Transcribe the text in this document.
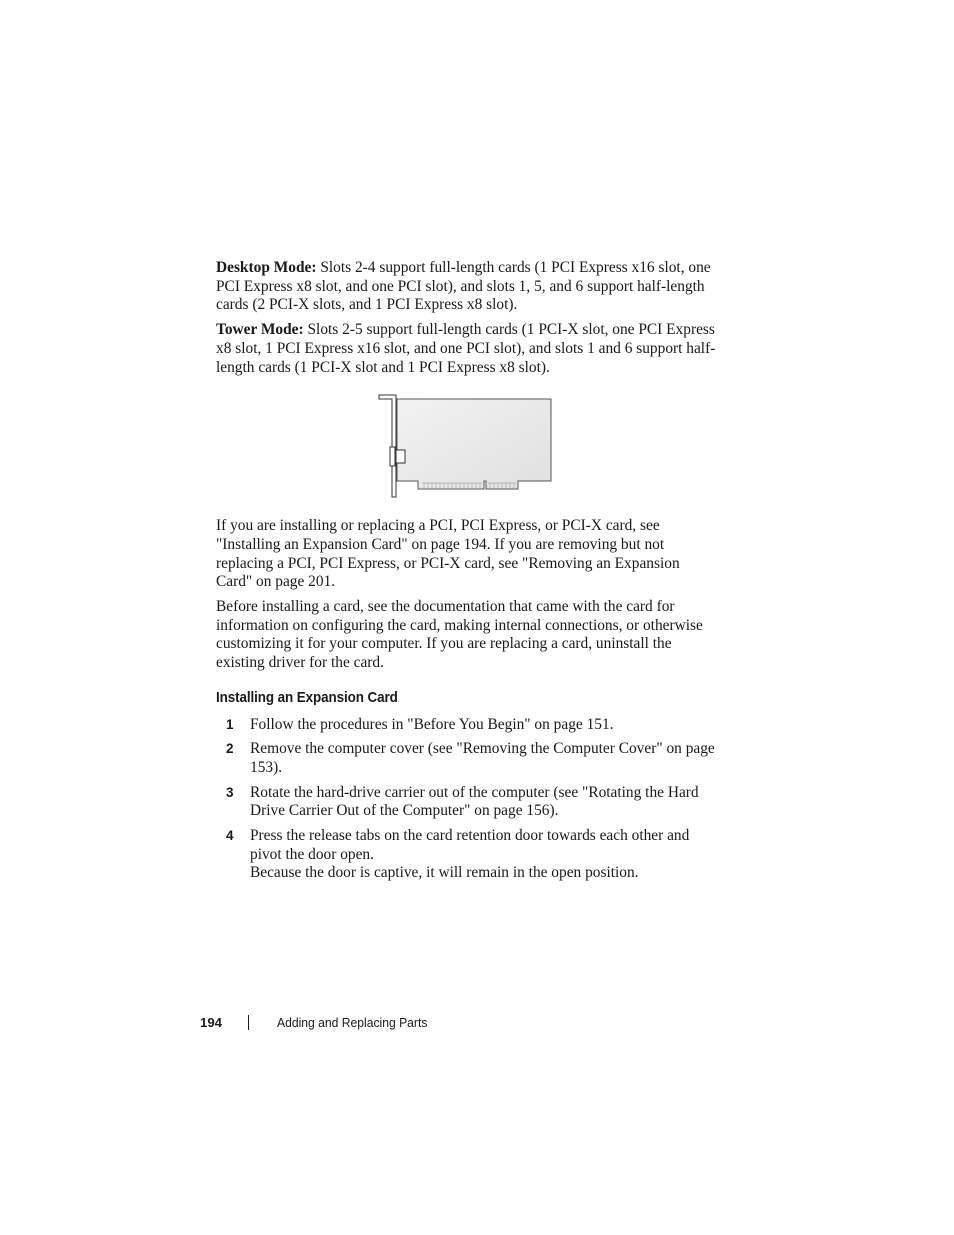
Desktop Mode: Slots 2-4 support full-length cards (1 PCI Express x16 slot, one PCI Express x8 slot, and one PCI slot), and slots 1, 5, and 6 support half-length cards (2 PCI-X slots, and 1 PCI Express x8 slot).

Tower Mode: Slots 2-5 support full-length cards (1 PCI-X slot, one PCI Express x8 slot, 1 PCI Express x16 slot, and one PCI slot), and slots 1 and 6 support half-length cards (1 PCI-X slot and 1 PCI Express x8 slot).

If you are installing or replacing a PCI, PCI Express, or PCI-X card, see "Installing an Expansion Card" on page 194. If you are removing but not replacing a PCI, PCI Express, or PCI-X card, see "Removing an Expansion Card" on page 201.

Before installing a card, see the documentation that came with the card for information on configuring the card, making internal connections, or otherwise customizing it for your computer. If you are replacing a card, uninstall the existing driver for the card.

Installing an Expansion Card
1 Follow the procedures in "Before You Begin" on page 151.
2 Remove the computer cover (see "Removing the Computer Cover" on page 153).
3 Rotate the hard-drive carrier out of the computer (see "Rotating the Hard Drive Carrier Out of the Computer" on page 156).
4 Press the release tabs on the card retention door towards each other and pivot the door open.
Because the door is captive, it will remain in the open position.
194	Adding and Replacing Parts
